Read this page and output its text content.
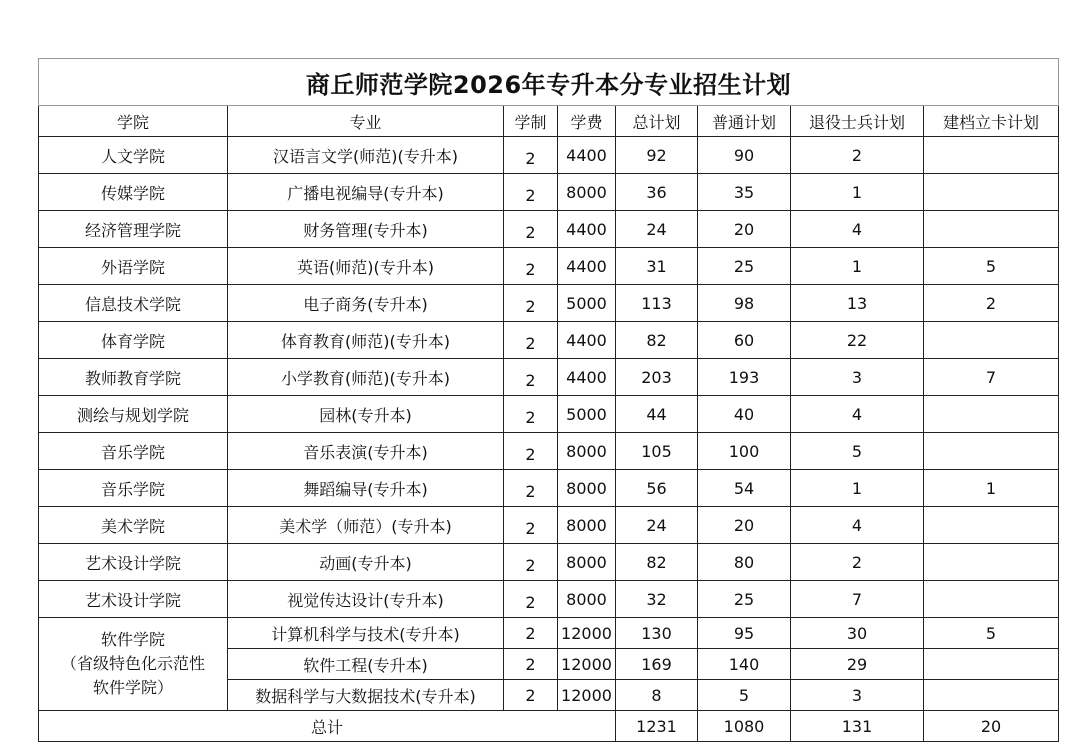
商丘师范学院2026年专升本分专业招生计划							
学院	专业	学制	学费	总计划	普通计划	退役士兵计划	建档立卡计划
人文学院	汉语言文学(师范)(专升本)	2	4400	92	90	2	
传媒学院	广播电视编导(专升本)	2	8000	36	35	1	
经济管理学院	财务管理(专升本)	2	4400	24	20	4	
外语学院	英语(师范)(专升本)	2	4400	31	25	1	5
信息技术学院	电子商务(专升本)	2	5000	113	98	13	2
体育学院	体育教育(师范)(专升本)	2	4400	82	60	22	
教师教育学院	小学教育(师范)(专升本)	2	4400	203	193	3	7
测绘与规划学院	园林(专升本)	2	5000	44	40	4	
音乐学院	音乐表演(专升本)	2	8000	105	100	5	
音乐学院	舞蹈编导(专升本)	2	8000	56	54	1	1
美术学院	美术学（师范）(专升本)	2	8000	24	20	4	
艺术设计学院	动画(专升本)	2	8000	82	80	2	
艺术设计学院	视觉传达设计(专升本)	2	8000	32	25	7	

软件学院
（省级特色化示范性
软件学院）	计算机科学与技术(专升本)	2	12000	130	95	30	5
	软件工程(专升本)	2	12000	169	140	29	
	数据科学与大数据技术(专升本)	2	12000	8	5	3	
总计				1231	1080	131	20
